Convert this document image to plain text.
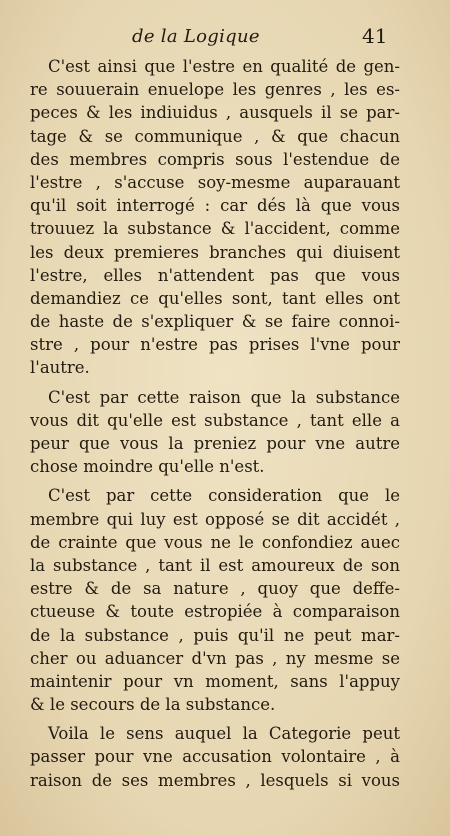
de la Logique	41
C'est ainsi que l'estre en qualité de gen-
re souuerain enuelope les genres , les es-
peces & les indiuidus , ausquels il se par-
tage & se communique , & que chacun
des membres compris sous l'estendue de
l'estre , s'accuse soy-mesme auparauant
qu'il soit interrogé : car dés là que vous
trouuez la substance & l'accident, comme
les deux premieres branches qui diuisent
l'estre, elles n'attendent pas que vous
demandiez ce qu'elles sont, tant elles ont
de haste de s'expliquer & se faire connoi-
stre , pour n'estre pas prises l'vne pour
l'autre.
C'est par cette raison que la substance
vous dit qu'elle est substance , tant elle a
peur que vous la preniez pour vne autre
chose moindre qu'elle n'est.
C'est par cette consideration que le
membre qui luy est opposé se dit accidét ,
de crainte que vous ne le confondiez auec
la substance , tant il est amoureux de son
estre & de sa nature , quoy que deffe-
ctueuse & toute estropiée à comparaison
de la substance , puis qu'il ne peut mar-
cher ou aduancer d'vn pas , ny mesme se
maintenir pour vn moment, sans l'appuy
& le secours de la substance.
Voila le sens auquel la Categorie peut
passer pour vne accusation volontaire , à
raison de ses membres , lesquels si vous
